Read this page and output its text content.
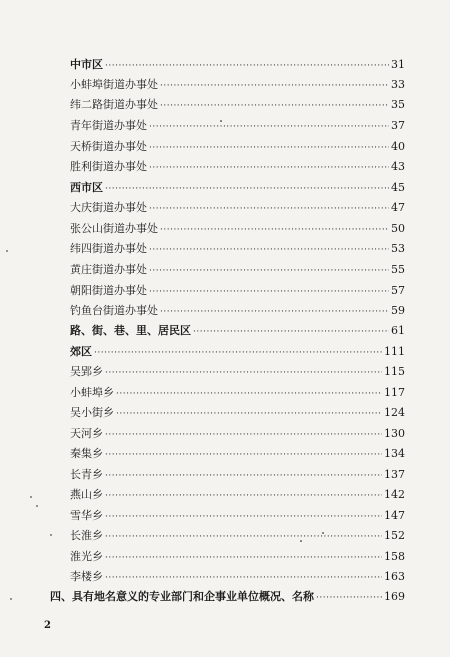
中市区 ·····	31
小蚌埠街道办事处 ·····	33
纬二路街道办事处 ·····	35
青年街道办事处 ·····	37
天桥街道办事处 ·····	40
胜利街道办事处 ·····	43
西市区 ·····	45
大庆街道办事处 ·····	47
张公山街道办事处 ·····	50
纬四街道办事处 ·····	53
黄庄街道办事处 ·····	55
朝阳街道办事处 ·····	57
钓鱼台街道办事处 ·····	59
路、街、巷、里、居民区 ·····	61
郊区 ·····	111
吴郢乡 ·····	115
小蚌埠乡 ·····	117
吴小街乡 ·····	124
天河乡 ·····	130
秦集乡 ·····	134
长青乡 ·····	137
燕山乡 ·····	142
雪华乡 ·····	147
长淮乡 ·····	152
淮光乡 ·····	158
李楼乡 ·····	163
四、具有地名意义的专业部门和企事业单位概况、名称 ·····	169
2
